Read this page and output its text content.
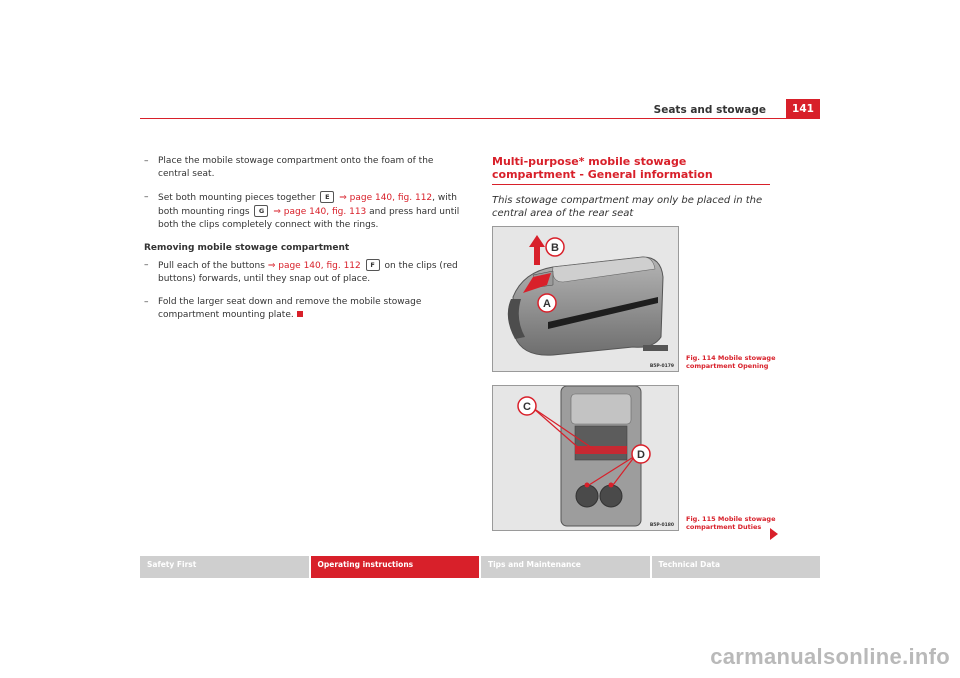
Seats and stowage	141
– Place the mobile stowage compartment onto the foam of the central seat.
– Set both mounting pieces together E ⇒ page 140, fig. 112, with both mounting rings G ⇒ page 140, fig. 113 and press hard until both the clips completely connect with the rings.
Removing mobile stowage compartment
– Pull each of the buttons ⇒ page 140, fig. 112 F on the clips (red buttons) forwards, until they snap out of place.
– Fold the larger seat down and remove the mobile stowage compartment mounting plate.
Multi-purpose* mobile stowage compartment - General information
This stowage compartment may only be placed in the central area of the rear seat
B
A
B5P-0179
Fig. 114 Mobile stowage compartment Opening
C
D
B5P-0180
Fig. 115 Mobile stowage compartment Duties
Safety First	Operating instructions	Tips and Maintenance	Technical Data
carmanualsonline.info
